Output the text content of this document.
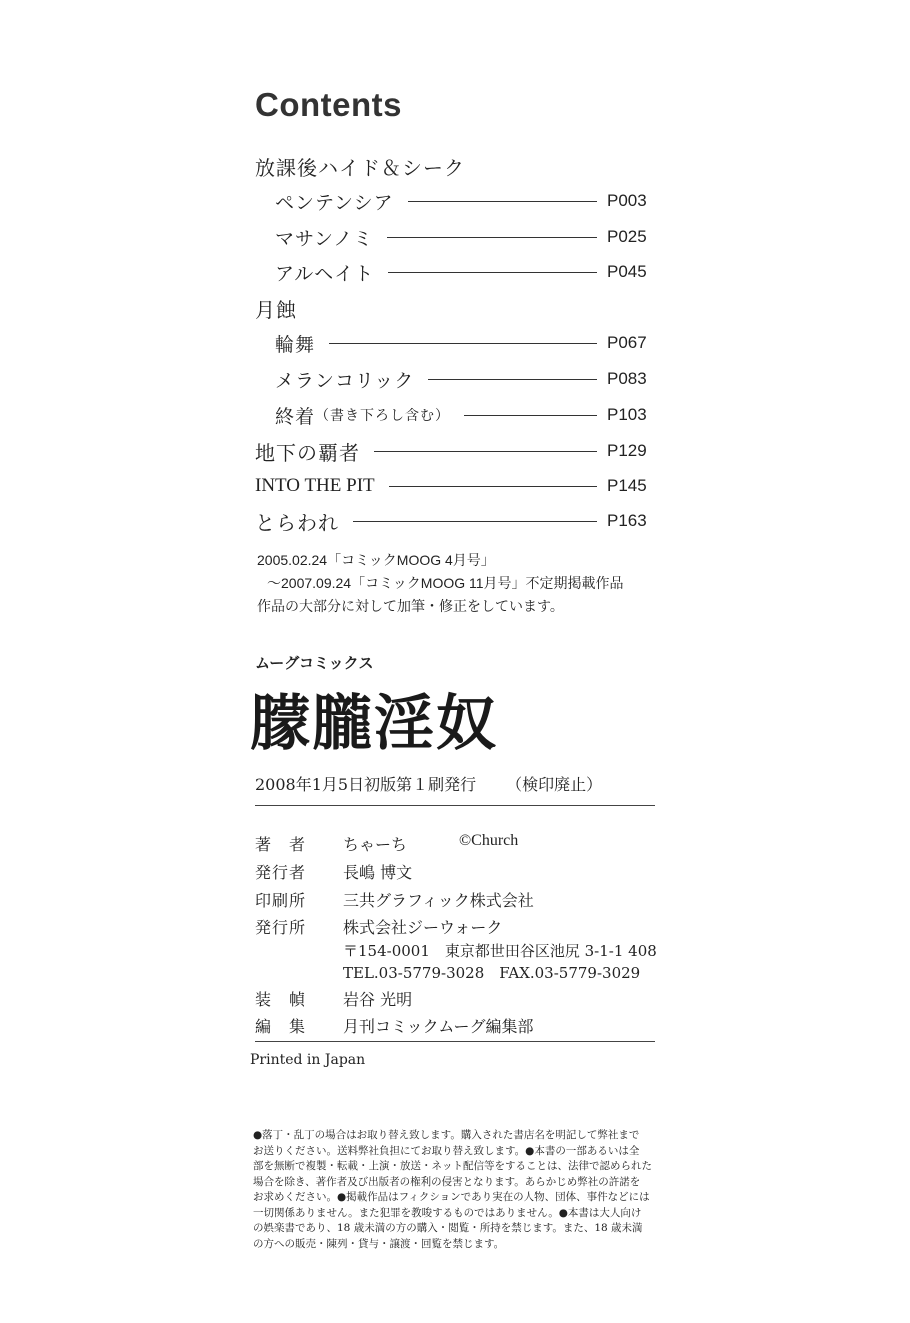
Contents
放課後ハイド＆シーク
ペンテンシア	P003
マサンノミ	P025
アルヘイト	P045
月蝕
輪舞	P067
メランコリック	P083
終着 （書き下ろし含む）	P103
地下の覇者	P129
INTO THE PIT	P145
とらわれ	P163
2005.02.24「コミックMOOG 4月号」
～2007.09.24「コミックMOOG 11月号」不定期掲載作品
作品の大部分に対して加筆・修正をしています。
ムーグコミックス
朦朧淫奴
2008年1月5日初版第１刷発行 （検印廃止）
著　者	ちゃーち	©Church
発行者	長嶋 博文
印刷所	三共グラフィック株式会社
発行所	株式会社ジーウォーク
〒154-0001　東京都世田谷区池尻 3-1-1 408
TEL.03-5779-3028　FAX.03-5779-3029
装　幀	岩谷 光明
編　集	月刊コミックムーグ編集部
Printed in Japan
●落丁・乱丁の場合はお取り替え致します。購入された書店名を明記して弊社まで
お送りください。送料弊社負担にてお取り替え致します。●本書の一部あるいは全
部を無断で複製・転載・上演・放送・ネット配信等をすることは、法律で認められた
場合を除き、著作者及び出版者の権利の侵害となります。あらかじめ弊社の許諾を
お求めください。●掲載作品はフィクションであり実在の人物、団体、事件などには
一切関係ありません。また犯罪を教唆するものではありません。●本書は大人向け
の娯楽書であり、18 歳未満の方の購入・閲覧・所持を禁じます。また、18 歳未満
の方への販売・陳列・貸与・譲渡・回覧を禁じます。
